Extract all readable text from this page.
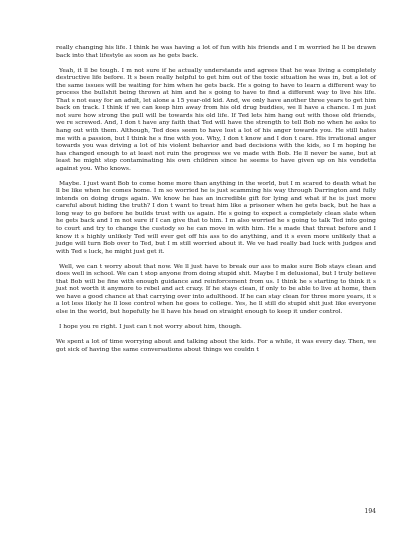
really changing his life. I think he was having a lot of fun with his friends and I m worried he ll be drawn back into that lifestyle as soon as he gets back.

Yeah, it ll be tough. I m not sure if he actually understands and agrees that he was living a completely destructive life before. It s been really helpful to get him out of the toxic situation he was in, but a lot of the same issues will be waiting for him when he gets back. He s going to have to learn a different way to process the bullshit being thrown at him and he s going to have to find a different way to live his life. That s not easy for an adult, let alone a 15 year-old kid. And, we only have another three years to get him back on track. I think if we can keep him away from his old drug buddies, we ll have a chance. I m just not sure how strong the pull will be towards his old life. If Ted lets him hang out with those old friends, we re screwed. And, I don t have any faith that Ted will have the strength to tell Bob no when he asks to hang out with them. Although, Ted does seem to have lost a lot of his anger towards you. He still hates me with a passion, but I think he s fine with you. Why, I don t know and I don t care. His irrational anger towards you was driving a lot of his violent behavior and bad decisions with the kids, so I m hoping he has changed enough to at least not ruin the progress we ve made with Bob. He ll never be sane, but at least he might stop contaminating his own children since he seems to have given up on his vendetta against you. Who knows.

Maybe. I just want Bob to come home more than anything in the world, but I m scared to death what he ll be like when he comes home. I m so worried he is just scamming his way through Darrington and fully intends on doing drugs again. We know he has an incredible gift for lying and what if he is just more careful about hiding the truth? I don t want to treat him like a prisoner when he gets back, but he has a long way to go before he builds trust with us again. He s going to expect a completely clean slate when he gets back and I m not sure if I can give that to him. I m also worried he s going to talk Ted into going to court and try to change the custody so he can move in with him. He s made that threat before and I know it s highly unlikely Ted will ever get off his ass to do anything, and it s even more unlikely that a judge will turn Bob over to Ted, but I m still worried about it. We ve had really bad luck with judges and with Ted s luck, he might just get it.

Well, we can t worry about that now. We ll just have to break our ass to make sure Bob stays clean and does well in school. We can t stop anyone from doing stupid shit. Maybe I m delusional, but I truly believe that Bob will be fine with enough guidance and reinforcement from us. I think he s starting to think it s just not worth it anymore to rebel and act crazy. If he stays clean, if only to be able to live at home, then we have a good chance at that carrying over into adulthood. If he can stay clean for three more years, it s a lot less likely he ll lose control when he goes to college. Yes, he ll still do stupid shit just like everyone else in the world, but hopefully he ll have his head on straight enough to keep it under control.

I hope you re right. I just can t not worry about him, though.

We spent a lot of time worrying about and talking about the kids. For a while, it was every day. Then, we got sick of having the same conversations about things we couldn t

194
